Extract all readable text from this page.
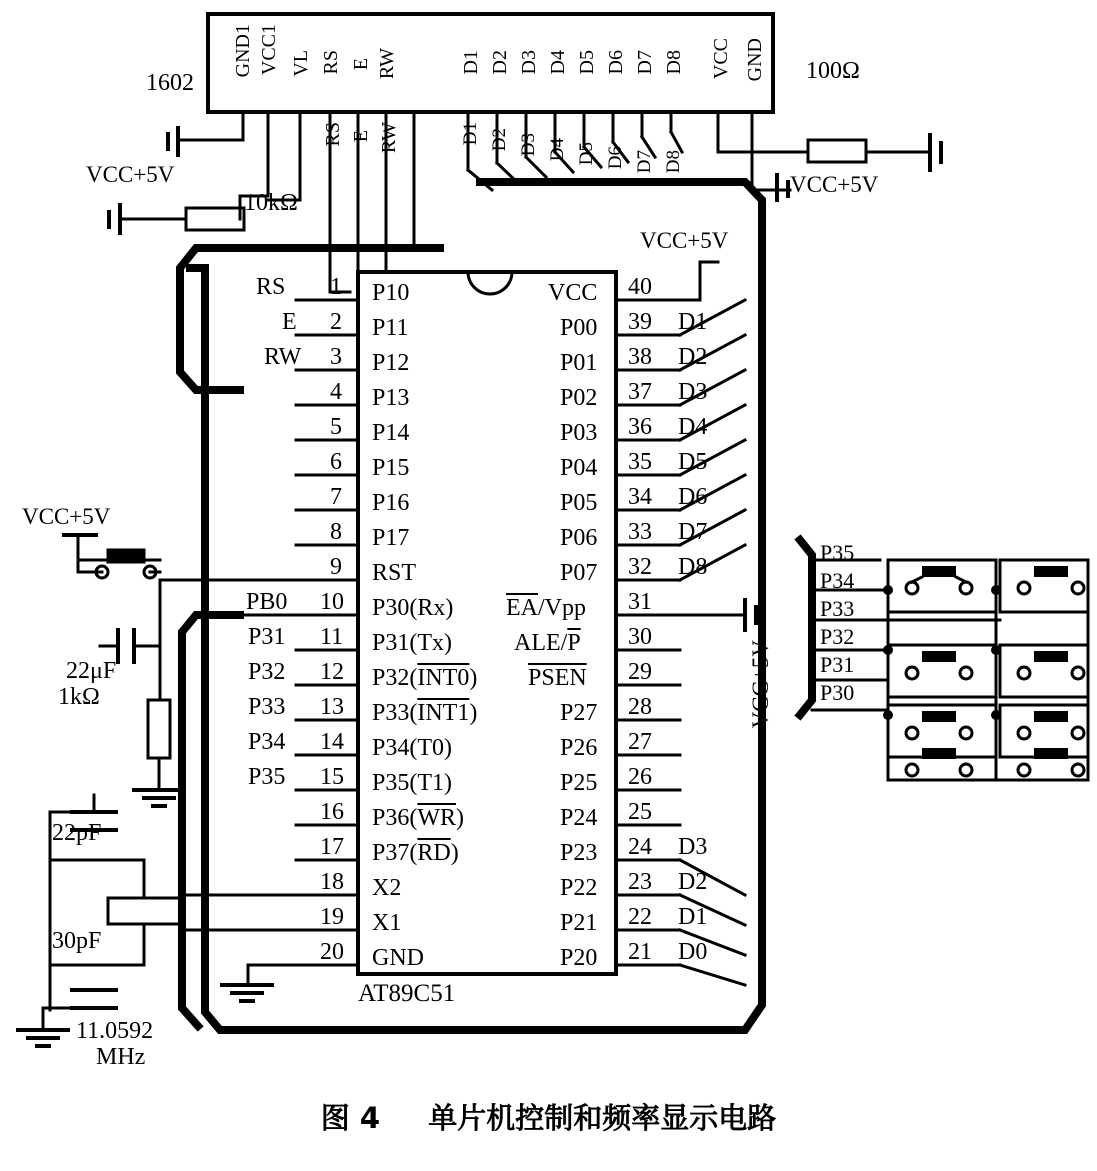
GND1 VCC1 VL RS E RW	D1 D2 D3 D4 D5 D6 D7 D8 VCC GND
1602
RS E RW	D1 D2 D3 D4 D5 D6 D7 D8
100Ω
VCC+5V
VCC+5V
10kΩ
VCC+5V
VCC+5V
VCC+5V
22μF
1kΩ
22pF
30pF
11.0592
MHz
RS 1 P10
E 2 P11
RW 3 P12
4 P13
5 P14
6 P15
7 P16
8 P17
9 RST
PB0 10 P30(Rx)
P31 11 P31(Tx)
P32 12 P32(INT0)
P33 13 P33(INT1)
P34 14 P34(T0)
P35 15 P35(T1)
16 $P36(\overline{WR})$
17 $P37(\overline{RD})$
18 X2
19 X1
20 GND
AT89C51
VCC 40
P00 39 D1
P01 38 D2
P02 37 D3
P03 36 D4
P04 35 D5
P05 34 D6
P06 33 D7
P07 32 D8
$\overline{EA}$/Vpp 31
ALE/$\overline{P}$ 30
PSEN 29
P27 28
P26 27
P25 26
P24 25
P23 24 D3
P22 23 D2
P21 22 D1
P20 21 D0
P35
P34
P33
P32
P31
P30
图 4 单片机控制和频率显示电路
